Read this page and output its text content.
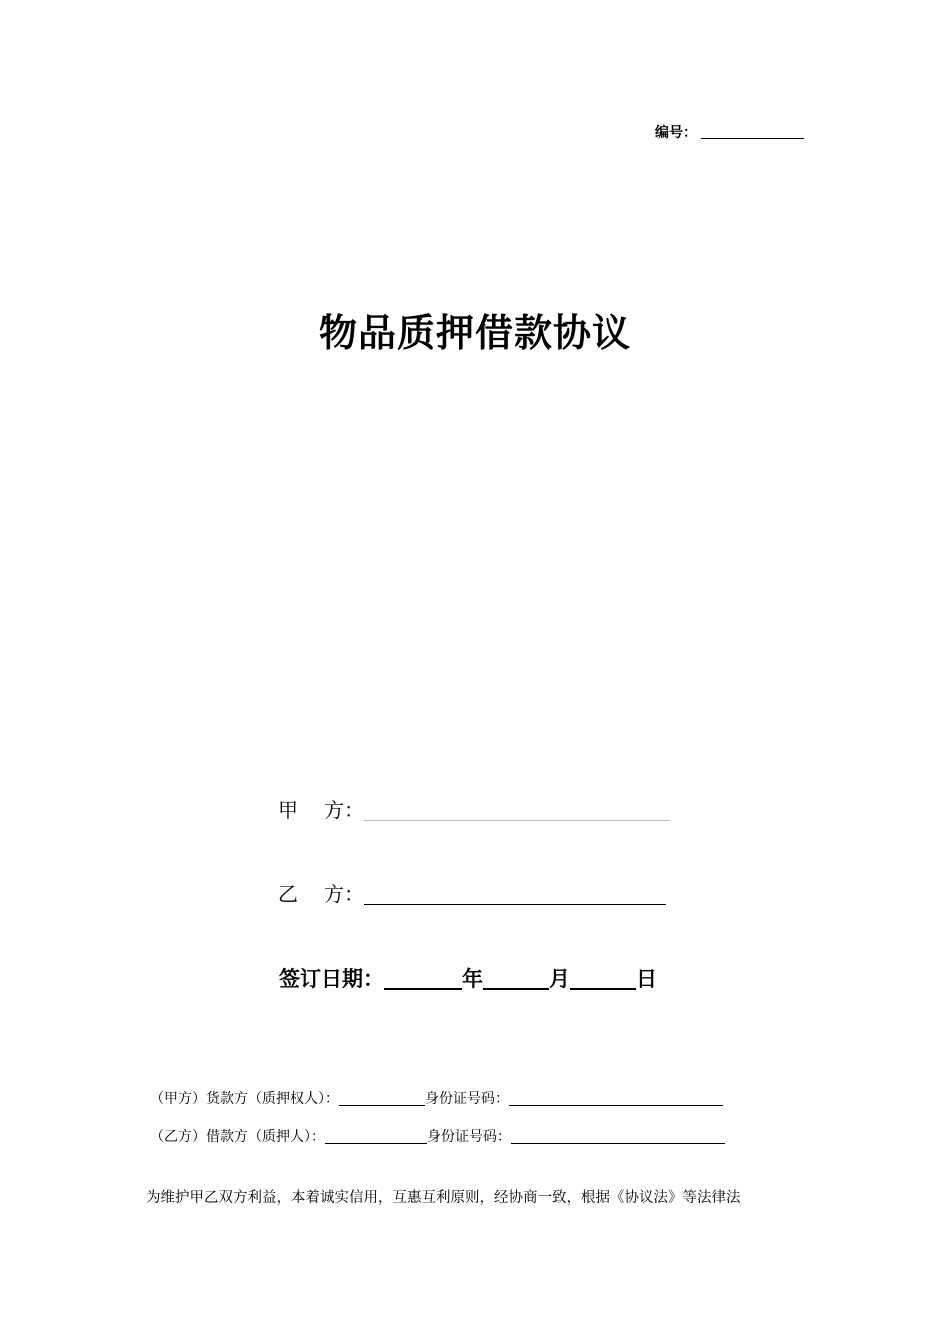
编号：
物品质押借款协议
甲 方：
乙 方：
签订日期：	年	月	日
（甲方）货款方（质押权人）：	身份证号码：
（乙方）借款方（质押人）：	身份证号码：
为维护甲乙双方利益，本着诚实信用，互惠互利原则，经协商一致，根据《协议法》等法律法
